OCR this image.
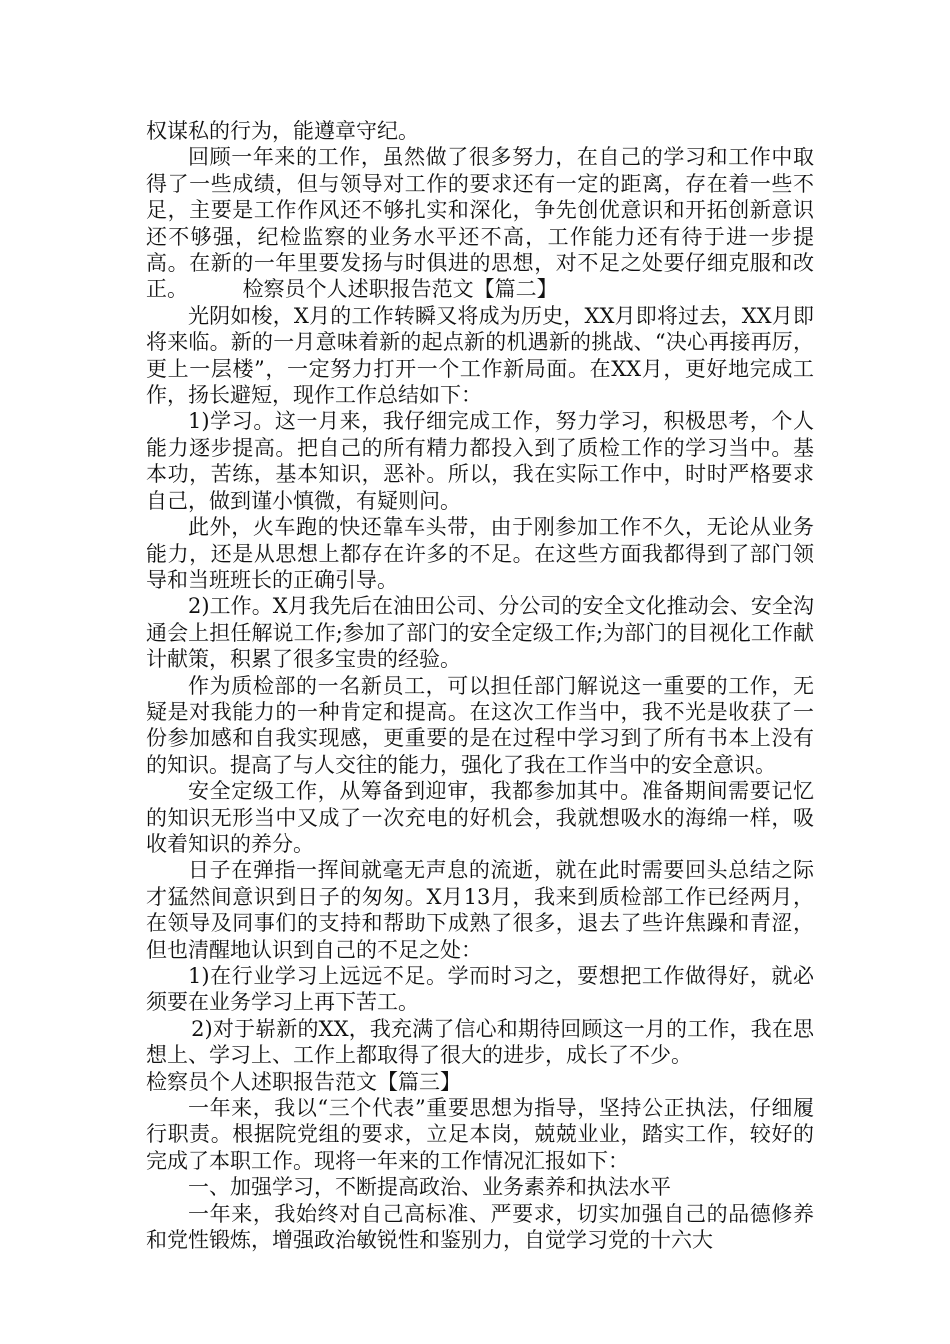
权谋私的行为，能遵章守纪。

回顾一年来的工作，虽然做了很多努力，在自己的学习和工作中取得了一些成绩，但与领导对工作的要求还有一定的距离，存在着一些不足，主要是工作作风还不够扎实和深化，争先创优意识和开拓创新意识还不够强，纪检监察的业务水平还不高，工作能力还有待于进一步提高。在新的一年里要发扬与时俱进的思想，对不足之处要仔细克服和改正。	检察员个人述职报告范文【篇二】

光阴如梭，X月的工作转瞬又将成为历史，XX月即将过去，XX月即将来临。新的一月意味着新的起点新的机遇新的挑战、“决心再接再厉，更上一层楼”，一定努力打开一个工作新局面。在XX月，更好地完成工作，扬长避短，现作工作总结如下：

1)学习。这一月来，我仔细完成工作，努力学习，积极思考，个人能力逐步提高。把自己的所有精力都投入到了质检工作的学习当中。基本功，苦练，基本知识，恶补。所以，我在实际工作中，时时严格要求自己，做到谨小慎微，有疑则问。

此外，火车跑的快还靠车头带，由于刚参加工作不久，无论从业务能力，还是从思想上都存在许多的不足。在这些方面我都得到了部门领导和当班班长的正确引导。

2)工作。X月我先后在油田公司、分公司的安全文化推动会、安全沟通会上担任解说工作;参加了部门的安全定级工作;为部门的目视化工作献计献策，积累了很多宝贵的经验。

作为质检部的一名新员工，可以担任部门解说这一重要的工作，无疑是对我能力的一种肯定和提高。在这次工作当中，我不光是收获了一份参加感和自我实现感，更重要的是在过程中学习到了所有书本上没有的知识。提高了与人交往的能力，强化了我在工作当中的安全意识。

安全定级工作，从筹备到迎审，我都参加其中。准备期间需要记忆的知识无形当中又成了一次充电的好机会，我就想吸水的海绵一样，吸收着知识的养分。

日子在弹指一挥间就毫无声息的流逝，就在此时需要回头总结之际才猛然间意识到日子的匆匆。X月13月，我来到质检部工作已经两月，在领导及同事们的支持和帮助下成熟了很多，退去了些许焦躁和青涩，但也清醒地认识到自己的不足之处：

1)在行业学习上远远不足。学而时习之，要想把工作做得好，就必须要在业务学习上再下苦工。

2)对于崭新的XX，我充满了信心和期待回顾这一月的工作，我在思想上、学习上、工作上都取得了很大的进步，成长了不少。

检察员个人述职报告范文【篇三】

一年来，我以“三个代表”重要思想为指导，坚持公正执法，仔细履行职责。根据院党组的要求，立足本岗，兢兢业业，踏实工作，较好的完成了本职工作。现将一年来的工作情况汇报如下：

一、加强学习，不断提高政治、业务素养和执法水平

一年来，我始终对自己高标准、严要求，切实加强自己的品德修养和党性锻炼，增强政治敏锐性和鉴别力，自觉学习党的十六大
